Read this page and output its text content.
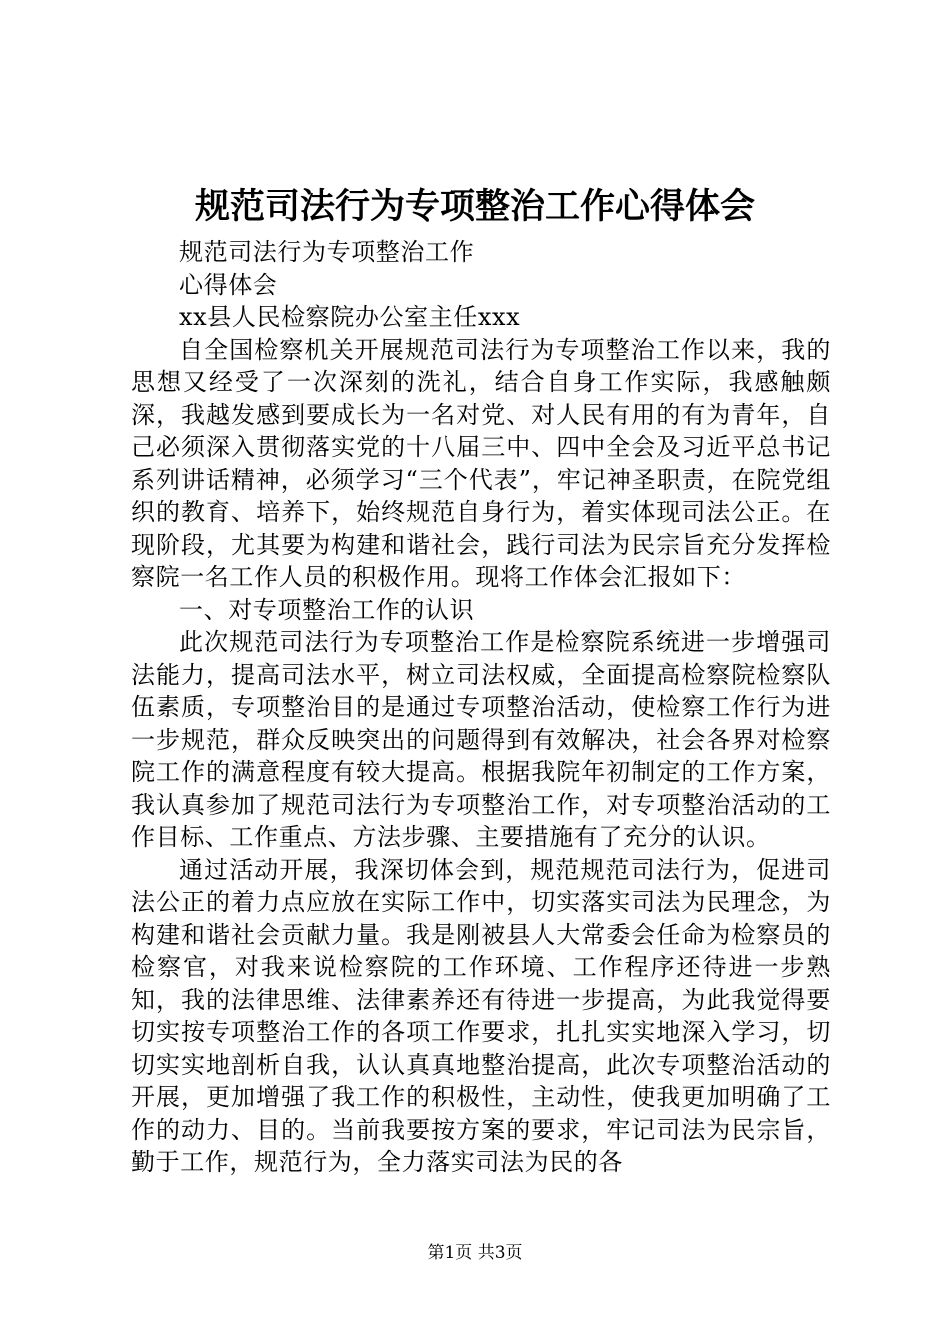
规范司法行为专项整治工作心得体会

规范司法行为专项整治工作

心得体会

xx县人民检察院办公室主任xxx

自全国检察机关开展规范司法行为专项整治工作以来，我的思想又经受了一次深刻的洗礼，结合自身工作实际，我感触颇深，我越发感到要成长为一名对党、对人民有用的有为青年，自己必须深入贯彻落实党的十八届三中、四中全会及习近平总书记系列讲话精神，必须学习“三个代表”，牢记神圣职责，在院党组织的教育、培养下，始终规范自身行为，着实体现司法公正。在现阶段，尤其要为构建和谐社会，践行司法为民宗旨充分发挥检察院一名工作人员的积极作用。现将工作体会汇报如下：

一、对专项整治工作的认识

此次规范司法行为专项整治工作是检察院系统进一步增强司法能力，提高司法水平，树立司法权威，全面提高检察院检察队伍素质，专项整治目的是通过专项整治活动，使检察工作行为进一步规范，群众反映突出的问题得到有效解决，社会各界对检察院工作的满意程度有较大提高。根据我院年初制定的工作方案，我认真参加了规范司法行为专项整治工作，对专项整治活动的工作目标、工作重点、方法步骤、主要措施有了充分的认识。

通过活动开展，我深切体会到，规范规范司法行为，促进司法公正的着力点应放在实际工作中，切实落实司法为民理念，为构建和谐社会贡献力量。我是刚被县人大常委会任命为检察员的检察官，对我来说检察院的工作环境、工作程序还待进一步熟知，我的法律思维、法律素养还有待进一步提高，为此我觉得要切实按专项整治工作的各项工作要求，扎扎实实地深入学习，切切实实地剖析自我，认认真真地整治提高，此次专项整治活动的开展，更加增强了我工作的积极性，主动性，使我更加明确了工作的动力、目的。当前我要按方案的要求，牢记司法为民宗旨，勤于工作，规范行为，全力落实司法为民的各

第1页 共3页
